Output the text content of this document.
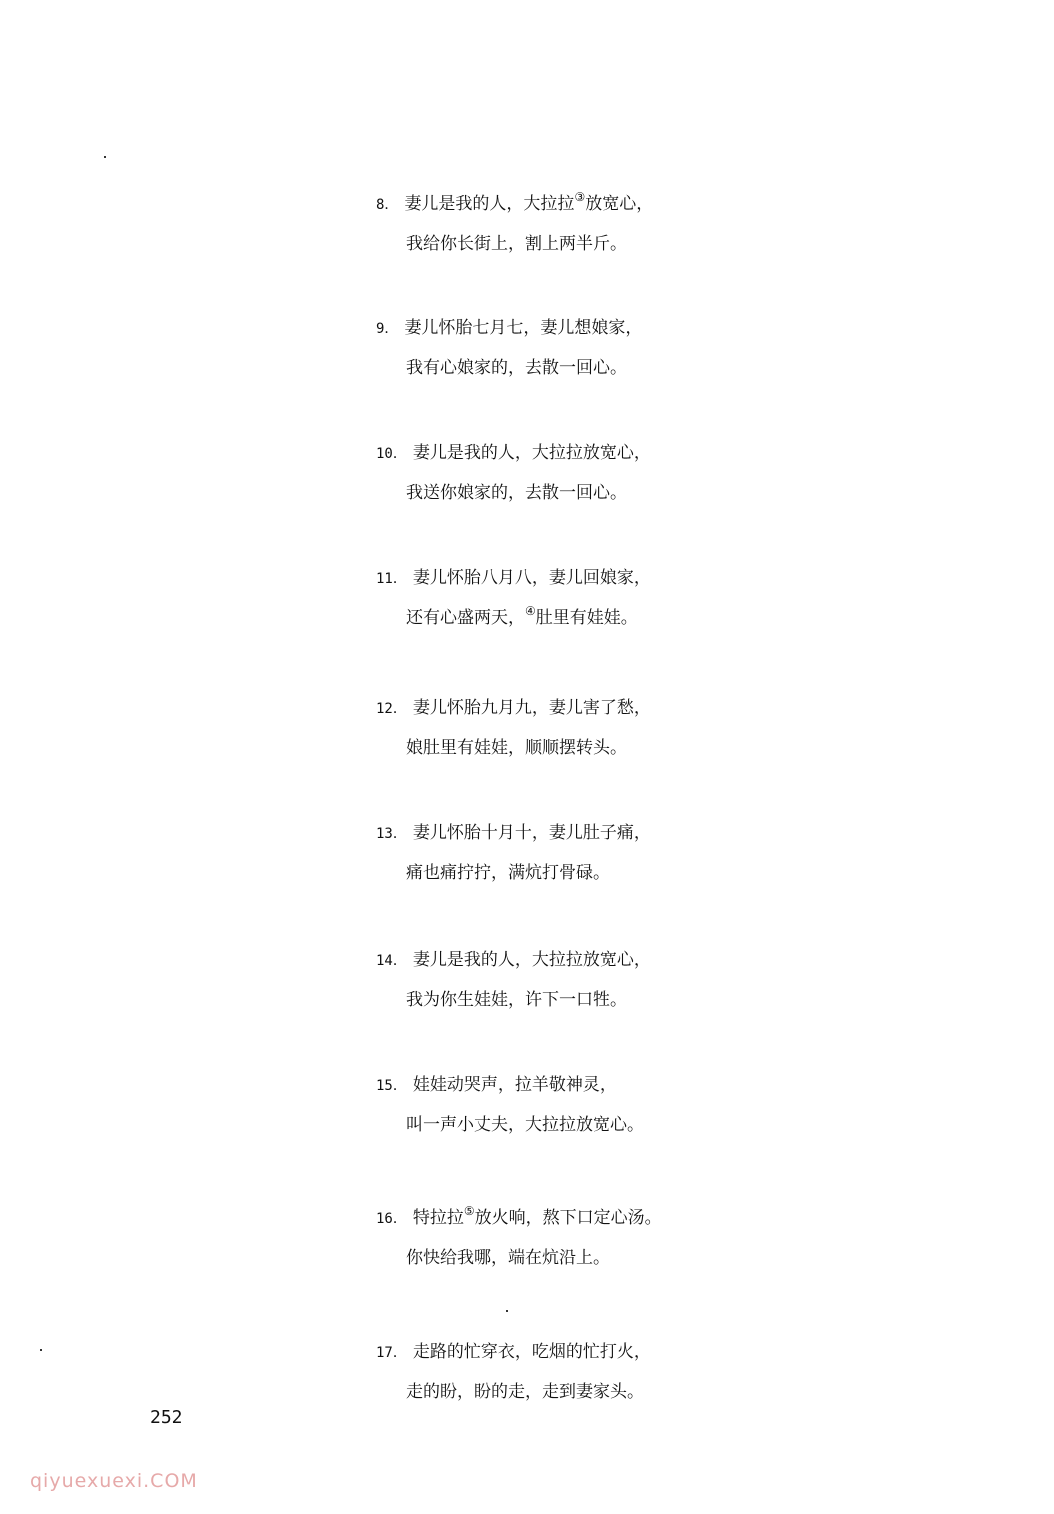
8． 妻儿是我的人，大拉拉③放宽心，
我给你长街上，割上两半斤。
9． 妻儿怀胎七月七，妻儿想娘家，
我有心娘家的，去散一回心。
10． 妻儿是我的人，大拉拉放宽心，
我送你娘家的，去散一回心。
11． 妻儿怀胎八月八，妻儿回娘家，
还有心盛两天，④肚里有娃娃。
12． 妻儿怀胎九月九，妻儿害了愁，
娘肚里有娃娃，顺顺摆转头。
13． 妻儿怀胎十月十，妻儿肚子痛，
痛也痛拧拧，满炕打骨碌。
14． 妻儿是我的人，大拉拉放宽心，
我为你生娃娃，许下一口牲。
15． 娃娃动哭声，拉羊敬神灵，
叫一声小丈夫，大拉拉放宽心。
16． 特拉拉⑤放火响，熬下口定心汤。
你快给我哪，端在炕沿上。
17． 走路的忙穿衣，吃烟的忙打火，
走的盼，盼的走，走到妻家头。
252
qiyuexuexi.COM
